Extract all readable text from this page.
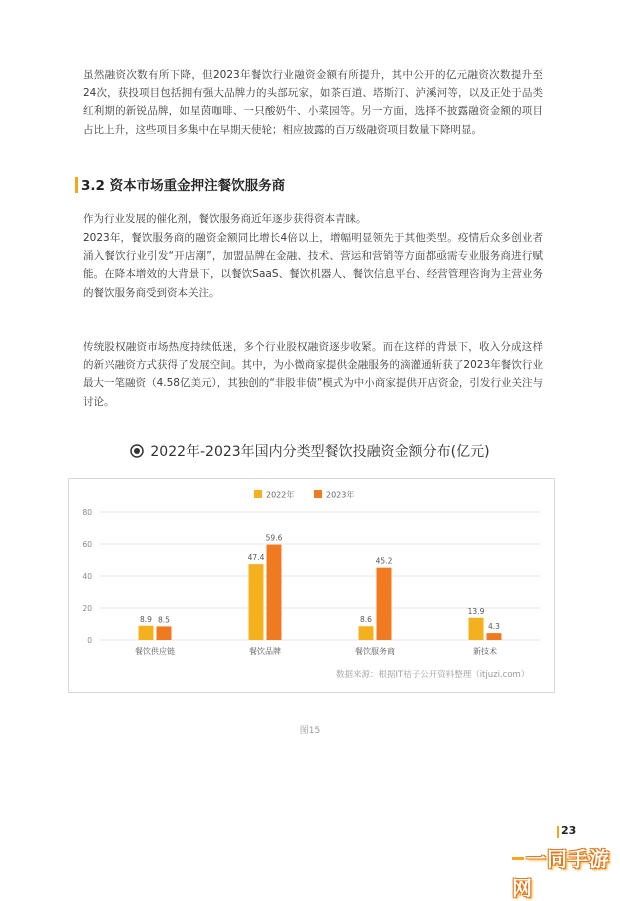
虽然融资次数有所下降，但2023年餐饮行业融资金额有所提升，其中公开的亿元融资次数提升至24次，获投项目包括拥有强大品牌力的头部玩家，如茶百道、塔斯汀、泸溪河等，以及正处于品类红利期的新锐品牌，如星茵咖啡、一只酸奶牛、小菜园等。另一方面，选择不披露融资金额的项目占比上升，这些项目多集中在早期天使轮；相应披露的百万级融资项目数量下降明显。

3.2 资本市场重金押注餐饮服务商

作为行业发展的催化剂，餐饮服务商近年逐步获得资本青睐。

2023年，餐饮服务商的融资金额同比增长4倍以上，增幅明显领先于其他类型。疫情后众多创业者涌入餐饮行业引发“开店潮”，加盟品牌在金融、技术、营运和营销等方面都亟需专业服务商进行赋能。在降本增效的大背景下，以餐饮SaaS、餐饮机器人、餐饮信息平台、经营管理咨询为主营业务的餐饮服务商受到资本关注。

传统股权融资市场热度持续低迷，多个行业股权融资逐步收紧。而在这样的背景下，收入分成这样的新兴融资方式获得了发展空间。其中，为小微商家提供金融服务的滴灌通斩获了2023年餐饮行业最大一笔融资（4.58亿美元），其独创的“非股非债”模式为中小商家提供开店资金，引发行业关注与讨论。

2022年-2023年国内分类型餐饮投融资金额分布(亿元)
0
20
40
60
80
2022年	2023年
8.9 8.5
餐饮供应链
47.4
59.6
餐饮品牌
8.6
45.2
餐饮服务商
13.9
4.3
新技术
数据来源：根据IT桔子公开资料整理（itjuzi.com）
图15
23
一同手游网
